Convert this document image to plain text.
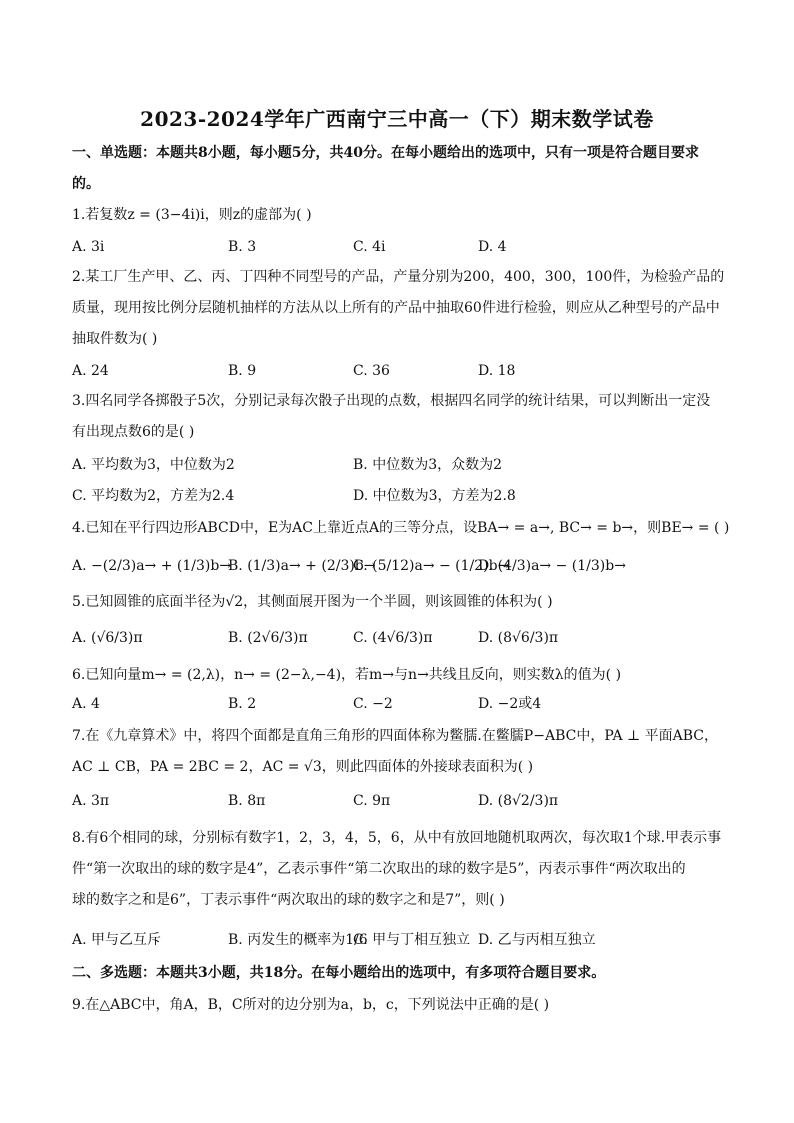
2023-2024学年广西南宁三中高一（下）期末数学试卷
一、单选题：本题共8小题，每小题5分，共40分。在每小题给出的选项中，只有一项是符合题目要求
的。
1.若复数z = (3−4i)i，则z的虚部为( )
A. 3i	B. 3	C. 4i	D. 4
2.某工厂生产甲、乙、丙、丁四种不同型号的产品，产量分别为200，400，300，100件，为检验产品的
质量，现用按比例分层随机抽样的方法从以上所有的产品中抽取60件进行检验，则应从乙种型号的产品中
抽取件数为( )
A. 24	B. 9	C. 36	D. 18
3.四名同学各掷骰子5次，分别记录每次骰子出现的点数，根据四名同学的统计结果，可以判断出一定没
有出现点数6的是( )
A. 平均数为3，中位数为2	B. 中位数为3，众数为2
C. 平均数为2，方差为2.4	D. 中位数为3，方差为2.8
4.已知在平行四边形ABCD中，E为AC上靠近点A的三等分点，设BA→ = a→, BC→ = b→，则BE→ = ( )
A. −(2/3)a→ + (1/3)b→
B. (1/3)a→ + (2/3)b→
C. (5/12)a→ − (1/2)b→
D. (4/3)a→ − (1/3)b→
5.已知圆锥的底面半径为√2，其侧面展开图为一个半圆，则该圆锥的体积为( )
A. (√6/3)π	B. (2√6/3)π	C. (4√6/3)π	D. (8√6/3)π
6.已知向量m→ = (2,λ)，n→ = (2−λ,−4)，若m→与n→共线且反向，则实数λ的值为( )
A. 4	B. 2	C. −2	D. −2或4
7.在《九章算术》中，将四个面都是直角三角形的四面体称为鳖臑.在鳖臑P−ABC中，PA ⊥ 平面ABC，
AC ⊥ CB，PA = 2BC = 2，AC = √3，则此四面体的外接球表面积为( )
A. 3π	B. 8π	C. 9π	D. (8√2/3)π
8.有6个相同的球，分别标有数字1，2，3，4，5，6，从中有放回地随机取两次，每次取1个球.甲表示事
件“第一次取出的球的数字是4”，乙表示事件“第二次取出的球的数字是5”，丙表示事件“两次取出的
球的数字之和是6”，丁表示事件“两次取出的球的数字之和是7”，则( )
A. 甲与乙互斥	B. 丙发生的概率为1/6
C. 甲与丁相互独立 D. 乙与丙相互独立
二、多选题：本题共3小题，共18分。在每小题给出的选项中，有多项符合题目要求。
9.在△ABC中，角A，B，C所对的边分别为a，b，c，下列说法中正确的是( )
